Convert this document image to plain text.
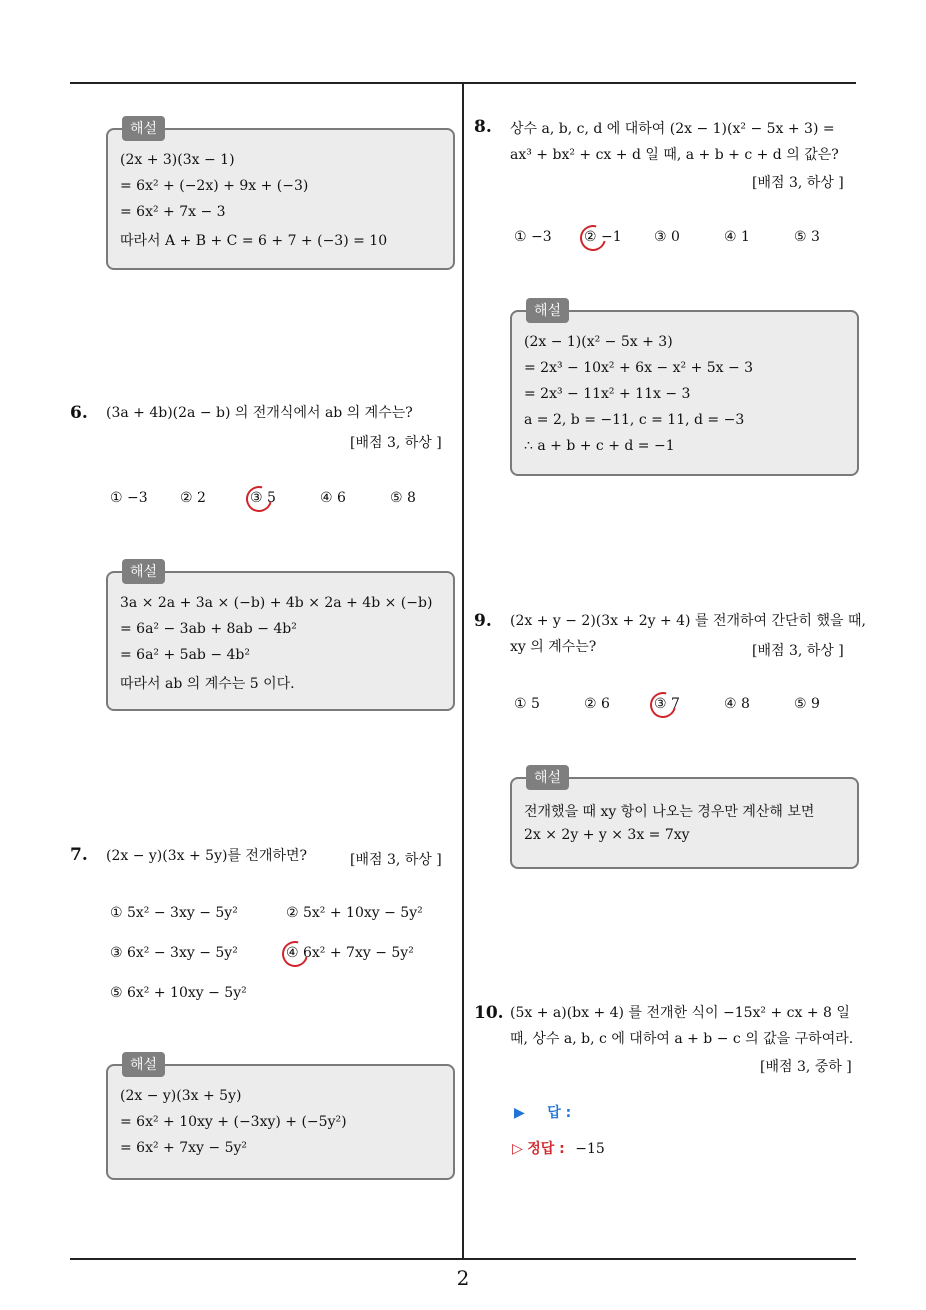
2
해설
(2x + 3)(3x − 1)
= 6x² + (−2x) + 9x + (−3)
= 6x² + 7x − 3
따라서 A + B + C = 6 + 7 + (−3) = 10
6. (3a + 4b)(2a − b) 의 전개식에서 ab 의 계수는?
[배점 3, 하상 ]
① −3 ② 2	③ 5	④ 6	⑤ 8
해설
3a × 2a + 3a × (−b) + 4b × 2a + 4b × (−b)
= 6a² − 3ab + 8ab − 4b²
= 6a² + 5ab − 4b²
따라서 ab 의 계수는 5 이다.
7. (2x − y)(3x + 5y)를 전개하면?	[배점 3, 하상 ]
① 5x² − 3xy − 5y²	② 5x² + 10xy − 5y²
③ 6x² − 3xy − 5y²	④ 6x² + 7xy − 5y²
⑤ 6x² + 10xy − 5y²
해설
(2x − y)(3x + 5y)
= 6x² + 10xy + (−3xy) + (−5y²)
= 6x² + 7xy − 5y²
8. 상수 a, b, c, d 에 대하여 (2x − 1)(x² − 5x + 3) =
ax³ + bx² + cx + d 일 때, a + b + c + d 의 값은?
[배점 3, 하상 ]
① −3 ② −1 ③ 0	④ 1	⑤ 3
해설
(2x − 1)(x² − 5x + 3)
= 2x³ − 10x² + 6x − x² + 5x − 3
= 2x³ − 11x² + 11x − 3
a = 2, b = −11, c = 11, d = −3
∴ a + b + c + d = −1
9. (2x + y − 2)(3x + 2y + 4) 를 전개하여 간단히 했을 때,
xy 의 계수는?	[배점 3, 하상 ]
① 5	② 6	③ 7	④ 8	⑤ 9
해설
전개했을 때 xy 항이 나오는 경우만 계산해 보면
2x × 2y + y × 3x = 7xy
10. (5x + a)(bx + 4) 를 전개한 식이 −15x² + cx + 8 일
때, 상수 a, b, c 에 대하여 a + b − c 의 값을 구하여라.
[배점 3, 중하 ]
▶ 답 :
▷ 정답 : −15
